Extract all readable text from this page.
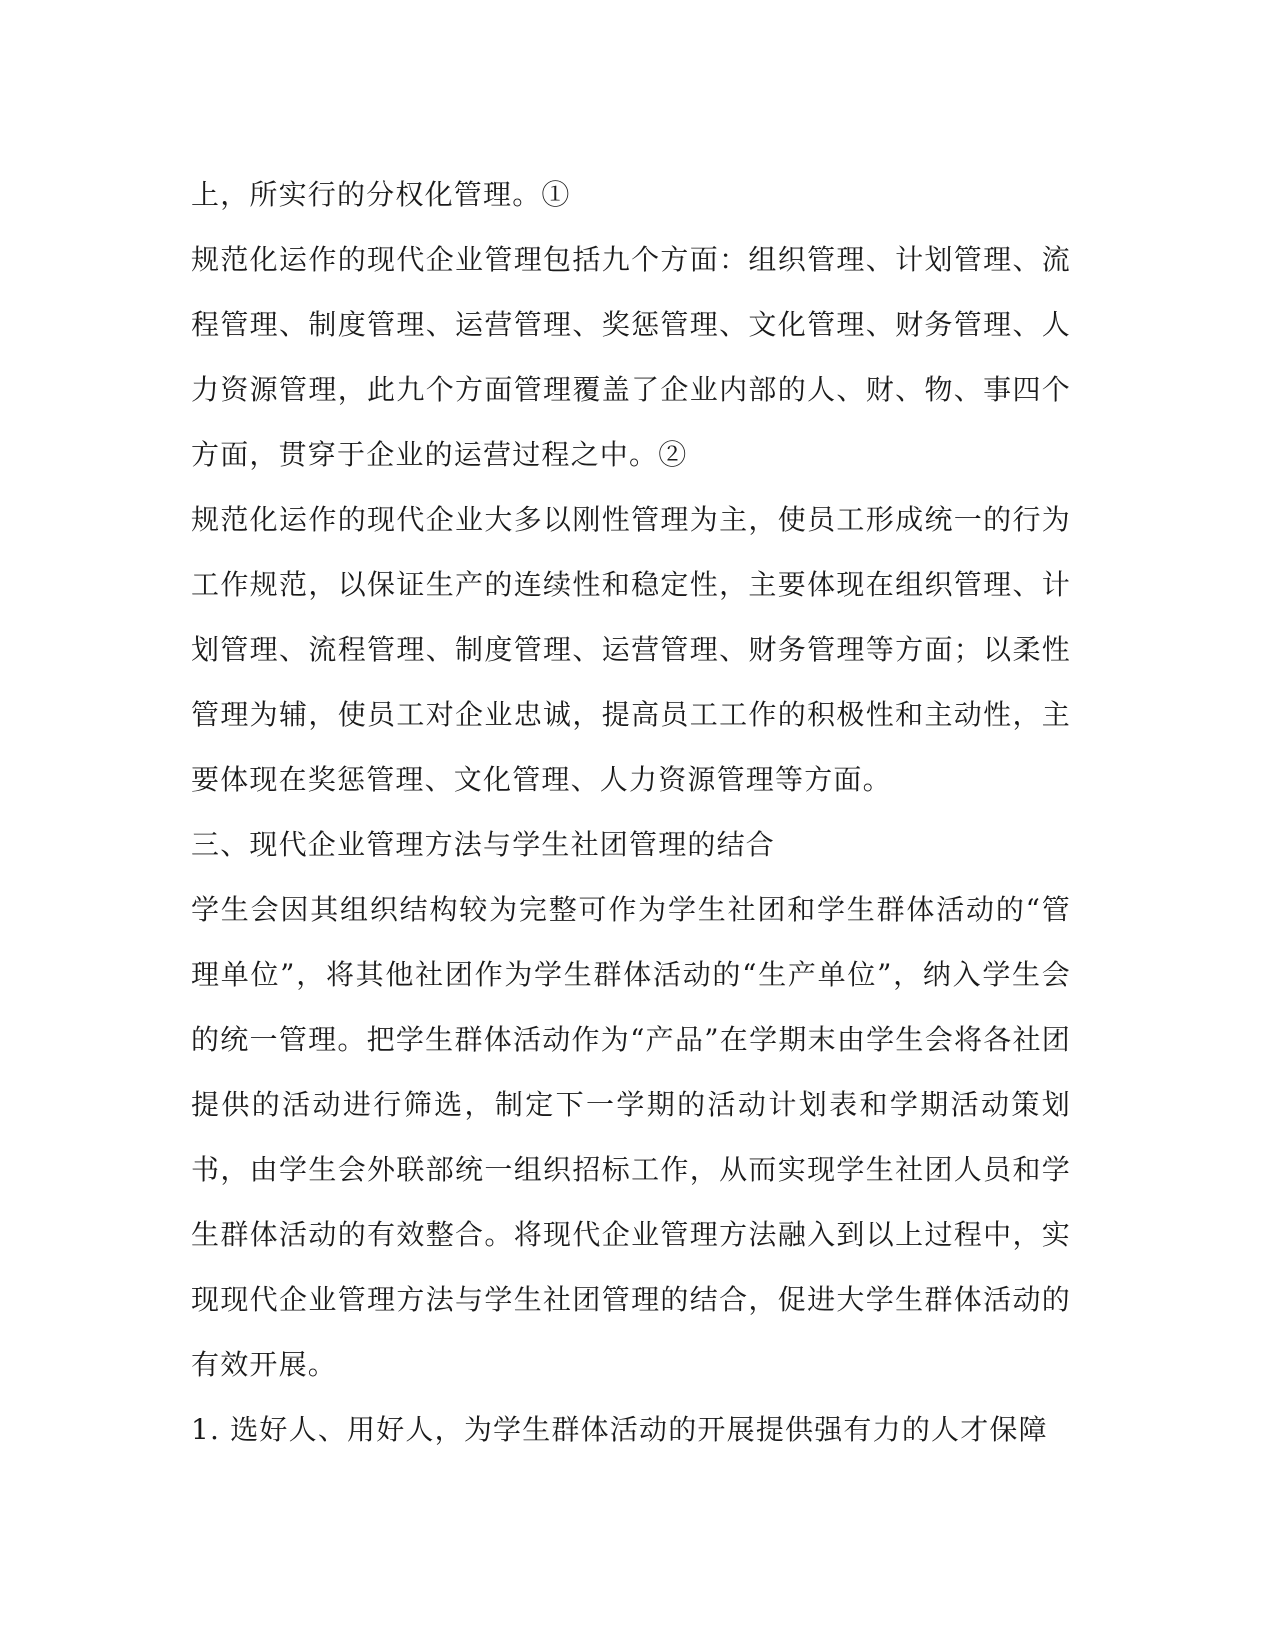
上，所实行的分权化管理。①

规范化运作的现代企业管理包括九个方面：组织管理、计划管理、流程管理、制度管理、运营管理、奖惩管理、文化管理、财务管理、人力资源管理，此九个方面管理覆盖了企业内部的人、财、物、事四个方面，贯穿于企业的运营过程之中。②

规范化运作的现代企业大多以刚性管理为主，使员工形成统一的行为工作规范，以保证生产的连续性和稳定性，主要体现在组织管理、计划管理、流程管理、制度管理、运营管理、财务管理等方面；以柔性管理为辅，使员工对企业忠诚，提高员工工作的积极性和主动性，主要体现在奖惩管理、文化管理、人力资源管理等方面。

三、现代企业管理方法与学生社团管理的结合

学生会因其组织结构较为完整可作为学生社团和学生群体活动的“管理单位”，将其他社团作为学生群体活动的“生产单位”，纳入学生会的统一管理。把学生群体活动作为“产品”在学期末由学生会将各社团提供的活动进行筛选，制定下一学期的活动计划表和学期活动策划书，由学生会外联部统一组织招标工作，从而实现学生社团人员和学生群体活动的有效整合。将现代企业管理方法融入到以上过程中，实现现代企业管理方法与学生社团管理的结合，促进大学生群体活动的有效开展。

1. 选好人、用好人，为学生群体活动的开展提供强有力的人才保障
